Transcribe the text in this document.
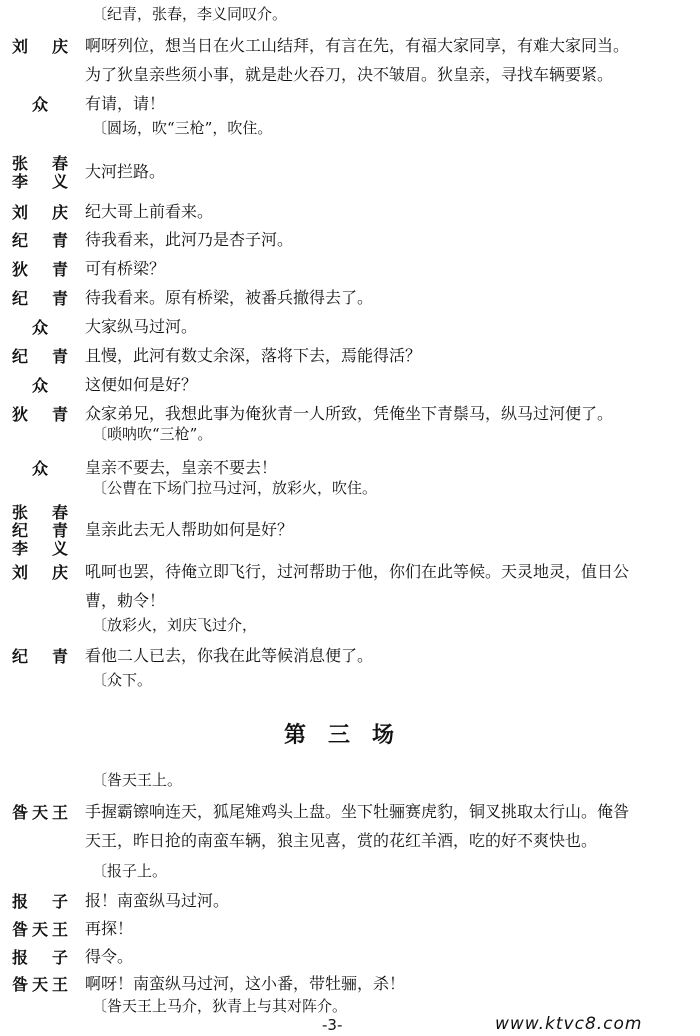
〔纪青，张春，李义同叹介。
刘 庆 啊呀列位，想当日在火工山结拜，有言在先，有福大家同享，有难大家同当。
为了狄皇亲些须小事，就是赴火吞刀，决不皱眉。狄皇亲，寻找车辆要紧。
众	有请，请！
〔圆场，吹“三枪”，吹住。
张 春
李 义
大河拦路。
刘 庆 纪大哥上前看来。
纪 青 待我看来，此河乃是杏子河。
狄 青 可有桥梁？
纪 青 待我看来。原有桥梁，被番兵撤得去了。
众	大家纵马过河。
纪 青 且慢，此河有数丈余深，落将下去，焉能得活？
众	这便如何是好？
狄 青 众家弟兄，我想此事为俺狄青一人所致，凭俺坐下青鬃马，纵马过河便了。
〔唢呐吹“三枪”。
众	皇亲不要去，皇亲不要去！
〔公曹在下场门拉马过河，放彩火，吹住。
张 春
纪 青
李 义
皇亲此去无人帮助如何是好？
刘 庆 吼呵也罢，待俺立即飞行，过河帮助于他，你们在此等候。天灵地灵，值日公
曹，勅令！
〔放彩火，刘庆飞过介，
纪 青 看他二人已去，你我在此等候消息便了。
〔众下。
〔昝天王上。
昝天王 手握霸镲响连天，狐尾雉鸡头上盘。坐下牡骊赛虎豹，铜叉挑取太行山。俺昝
天王，昨日抢的南蛮车辆，狼主见喜，赏的花红羊酒，吃的好不爽快也。
〔报子上。
报 子 报！南蛮纵马过河。
昝天王 再探！
报 子 得令。
昝天王 啊呀！南蛮纵马过河，这小番，带牡骊，杀！
〔昝天王上马介，狄青上与其对阵介。
第三场
-3-	www.ktvc8.com
